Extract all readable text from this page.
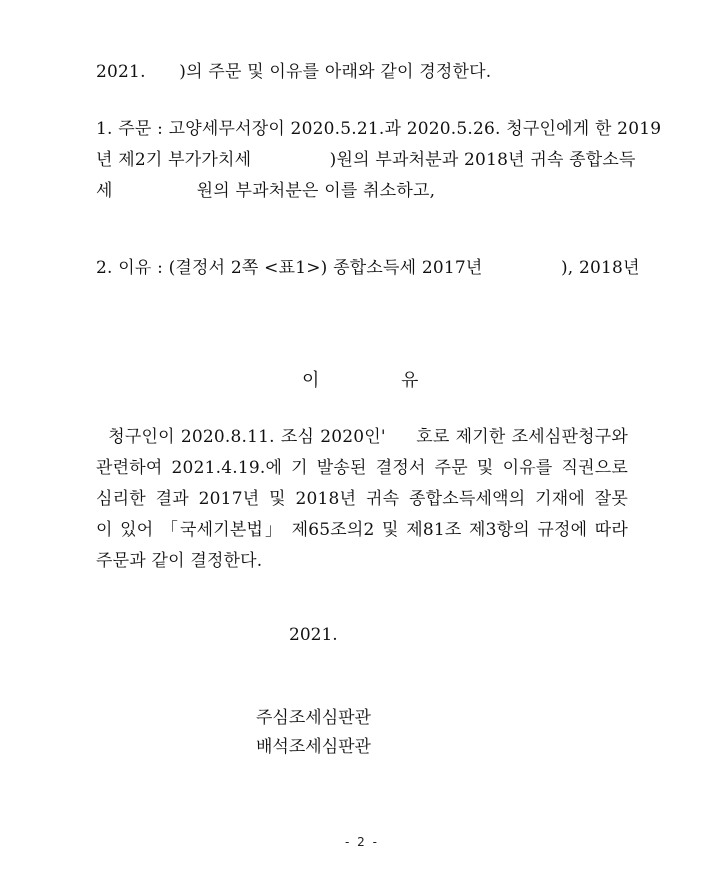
2021.      )의 주문 및 이유를 아래와 같이 경정한다.
1. 주문 : 고양세무서장이 2020.5.21.과 2020.5.26. 청구인에게 한 2019
년 제2기 부가가치세              )원의 부과처분과 2018년 귀속 종합소득
세               원의 부과처분은 이를 취소하고,
2. 이유 : (결정서 2쪽 <표1>) 종합소득세 2017년              ), 2018년
이	유
청구인이 2020.8.11. 조심 2020인'     호로 제기한 조세심판청구와
관련하여 2021.4.19.에 기 발송된 결정서 주문 및 이유를 직권으로
심리한 결과 2017년 및 2018년 귀속 종합소득세액의 기재에 잘못
이 있어 「국세기본법」 제65조의2 및 제81조 제3항의 규정에 따라
주문과 같이 결정한다.
2021.
주심조세심판관
배석조세심판관
- 2 -
